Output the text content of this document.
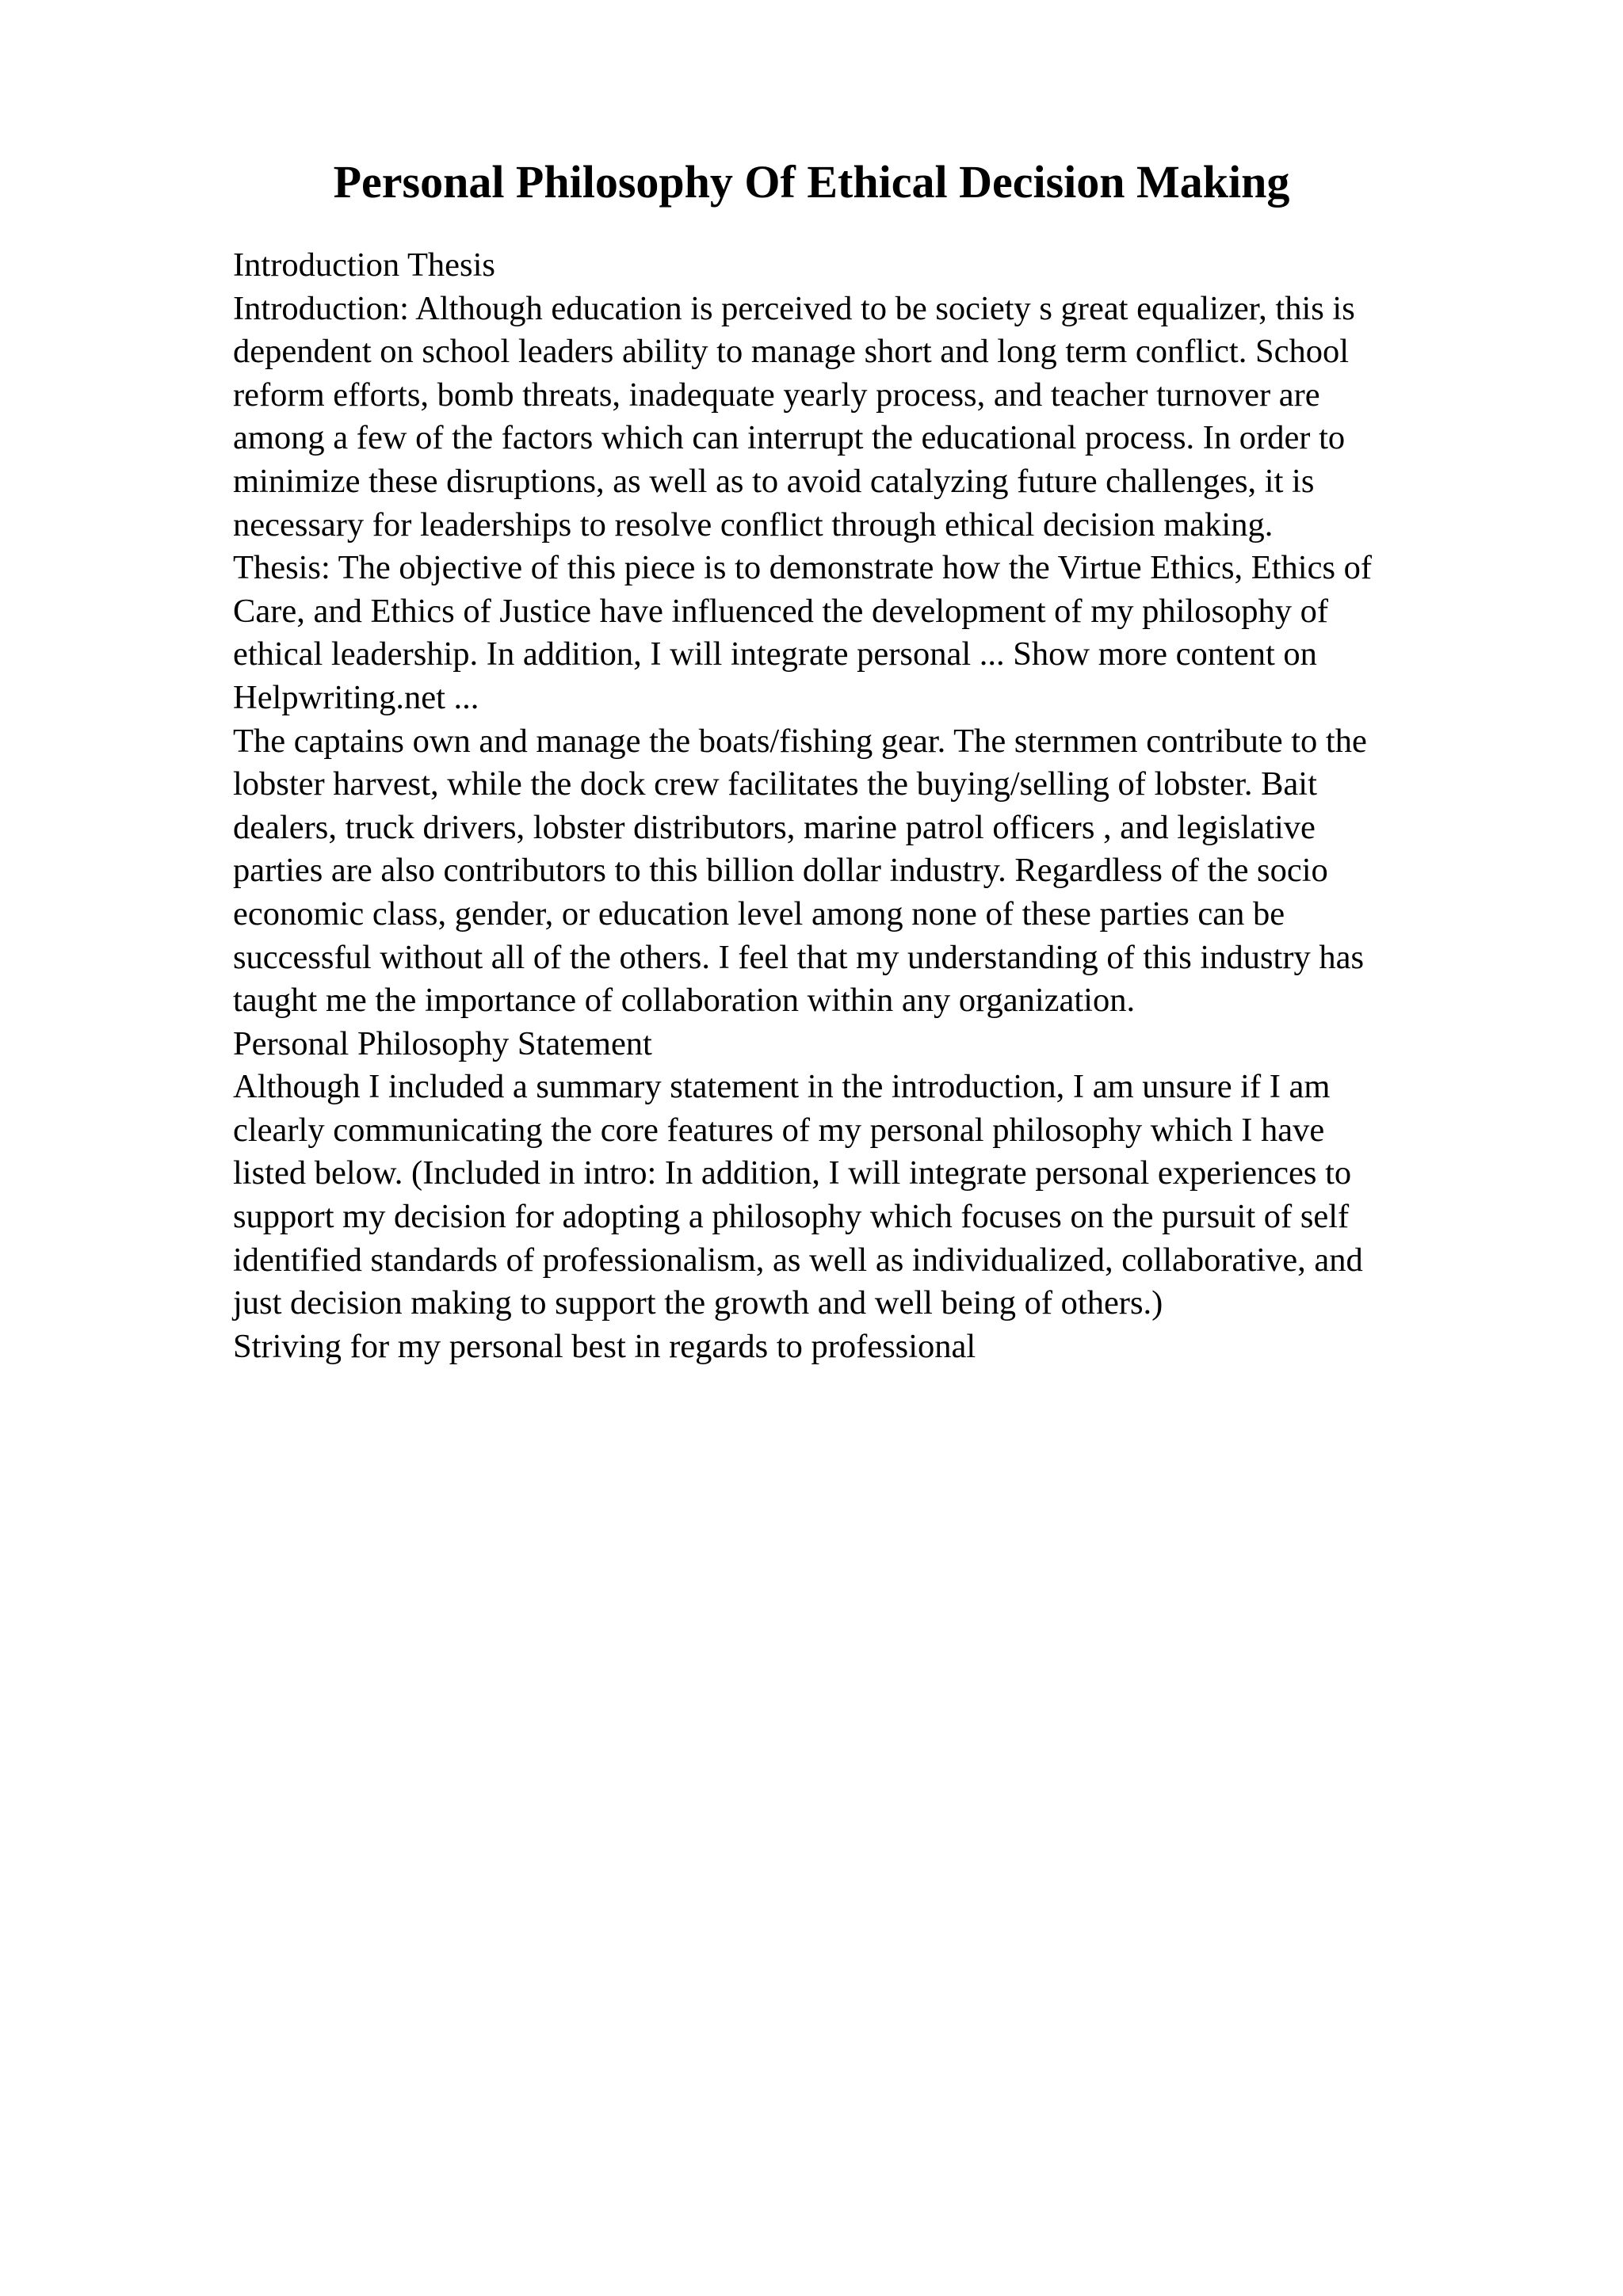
Personal Philosophy Of Ethical Decision Making
Introduction Thesis
Introduction: Although education is perceived to be society s great equalizer, this is
dependent on school leaders ability to manage short and long term conflict. School
reform efforts, bomb threats, inadequate yearly process, and teacher turnover are
among a few of the factors which can interrupt the educational process. In order to
minimize these disruptions, as well as to avoid catalyzing future challenges, it is
necessary for leaderships to resolve conflict through ethical decision making.
Thesis: The objective of this piece is to demonstrate how the Virtue Ethics, Ethics of
Care, and Ethics of Justice have influenced the development of my philosophy of
ethical leadership. In addition, I will integrate personal ... Show more content on
Helpwriting.net ...
The captains own and manage the boats/fishing gear. The sternmen contribute to the
lobster harvest, while the dock crew facilitates the buying/selling of lobster. Bait
dealers, truck drivers, lobster distributors, marine patrol officers , and legislative
parties are also contributors to this billion dollar industry. Regardless of the socio
economic class, gender, or education level among none of these parties can be
successful without all of the others. I feel that my understanding of this industry has
taught me the importance of collaboration within any organization.
Personal Philosophy Statement
Although I included a summary statement in the introduction, I am unsure if I am
clearly communicating the core features of my personal philosophy which I have
listed below. (Included in intro: In addition, I will integrate personal experiences to
support my decision for adopting a philosophy which focuses on the pursuit of self
identified standards of professionalism, as well as individualized, collaborative, and
just decision making to support the growth and well being of others.)
Striving for my personal best in regards to professional
